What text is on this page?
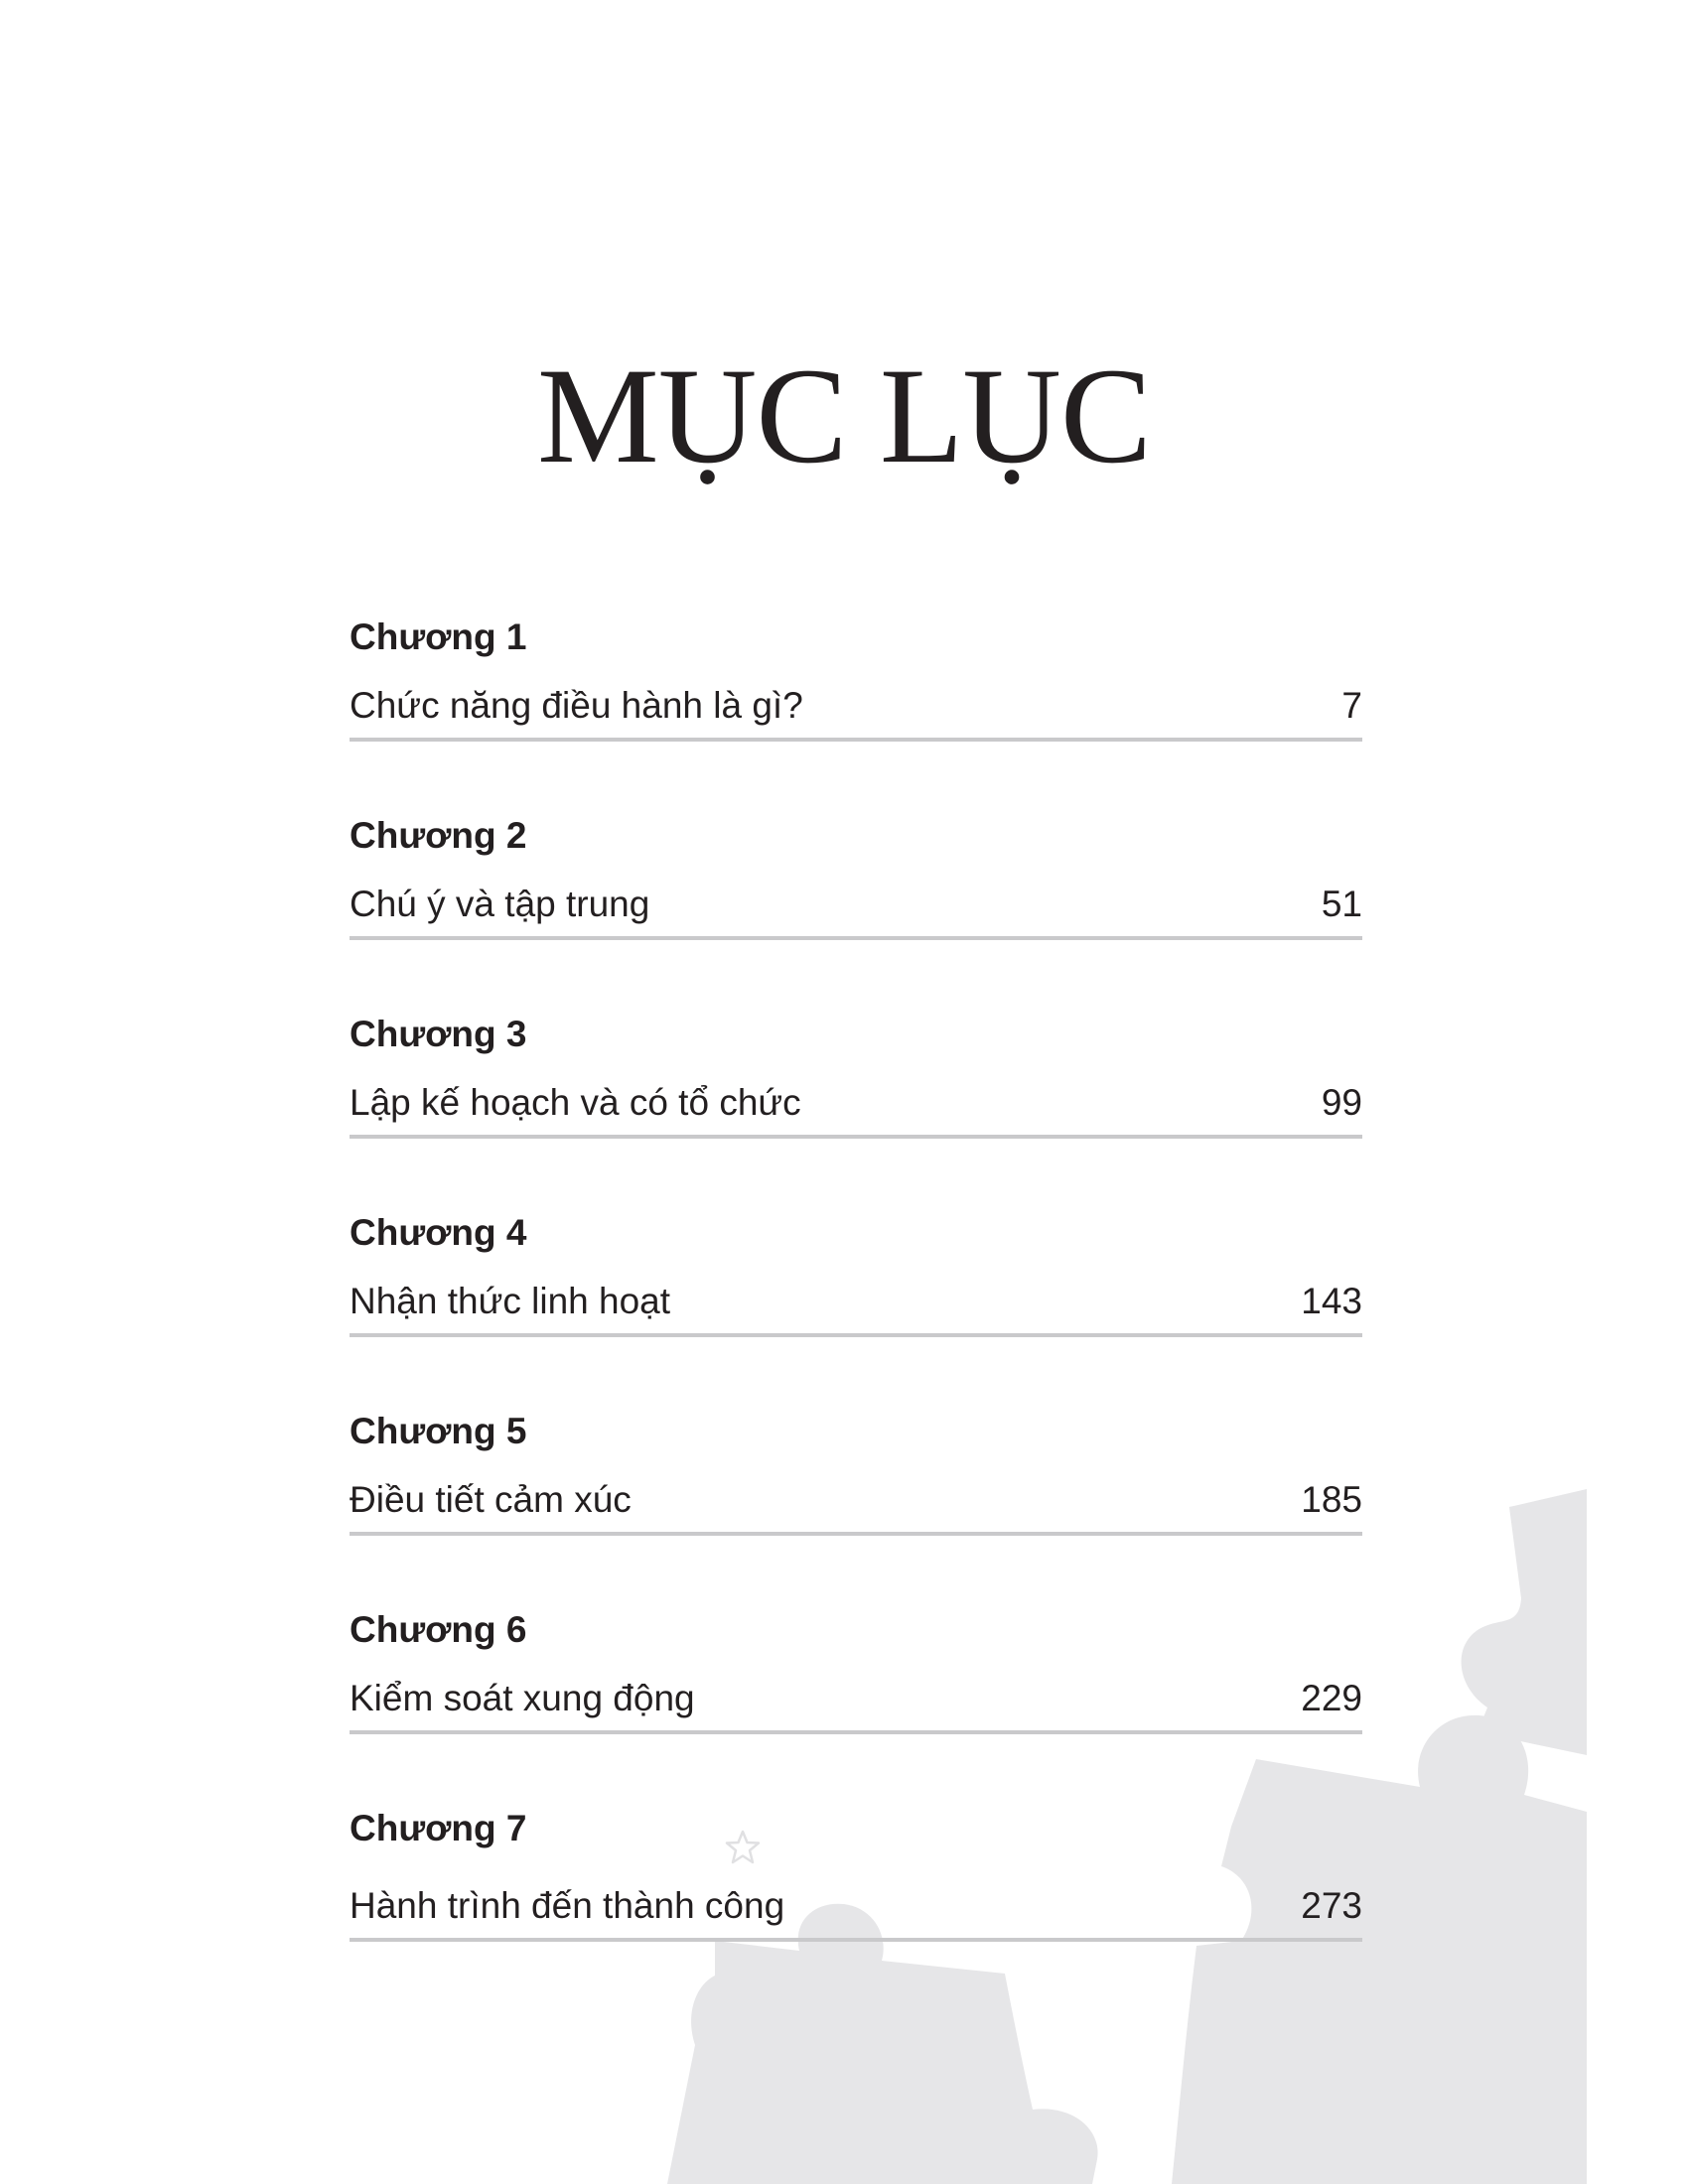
MỤC LỤC
Chương 1
Chức năng điều hành là gì?	7
Chương 2
Chú ý và tập trung	51
Chương 3
Lập kế hoạch và có tổ chức	99
Chương 4
Nhận thức linh hoạt	143
Chương 5
Điều tiết cảm xúc	185
Chương 6
Kiểm soát xung động	229
Chương 7
Hành trình đến thành công	273
